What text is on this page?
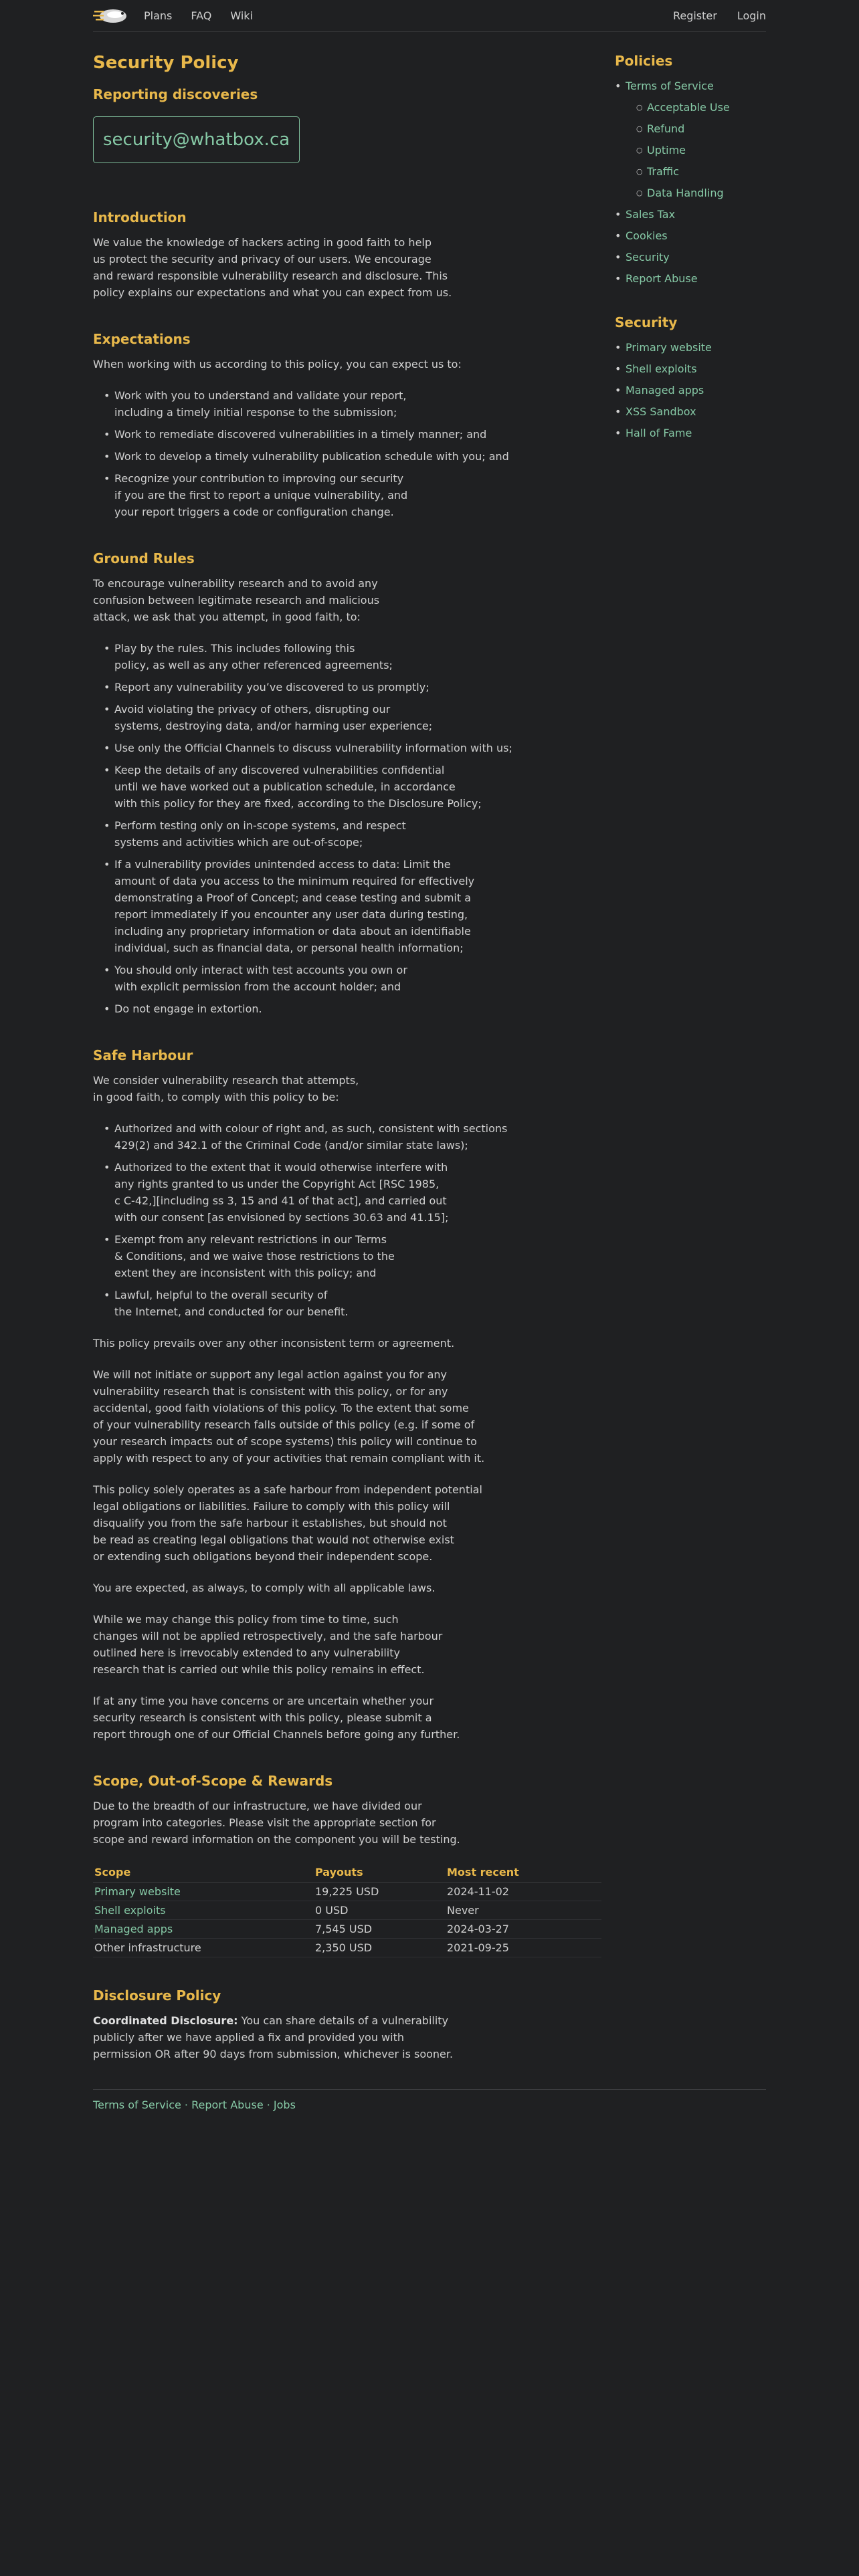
Plans FAQ Wiki	Register Login
Security Policy
Reporting discoveries
security@whatbox.ca
Introduction

We value the knowledge of hackers acting in good faith to help
us protect the security and privacy of our users. We encourage
and reward responsible vulnerability research and disclosure. This
policy explains our expectations and what you can expect from us.

Expectations

When working with us according to this policy, you can expect us to:

• Work with you to understand and validate your report,
including a timely initial response to the submission;
• Work to remediate discovered vulnerabilities in a timely manner; and
• Work to develop a timely vulnerability publication schedule with you; and
• Recognize your contribution to improving our security
if you are the first to report a unique vulnerability, and
your report triggers a code or configuration change.
Ground Rules

To encourage vulnerability research and to avoid any
confusion between legitimate research and malicious
attack, we ask that you attempt, in good faith, to:

• Play by the rules. This includes following this
policy, as well as any other referenced agreements;
• Report any vulnerability you’ve discovered to us promptly;
• Avoid violating the privacy of others, disrupting our
systems, destroying data, and/or harming user experience;
• Use only the Official Channels to discuss vulnerability information with us;
• Keep the details of any discovered vulnerabilities confidential
until we have worked out a publication schedule, in accordance
with this policy for they are fixed, according to the Disclosure Policy;
• Perform testing only on in-scope systems, and respect
systems and activities which are out-of-scope;
• If a vulnerability provides unintended access to data: Limit the
amount of data you access to the minimum required for effectively
demonstrating a Proof of Concept; and cease testing and submit a
report immediately if you encounter any user data during testing,
including any proprietary information or data about an identifiable
individual, such as financial data, or personal health information;
• You should only interact with test accounts you own or
with explicit permission from the account holder; and
• Do not engage in extortion.
Safe Harbour

We consider vulnerability research that attempts,
in good faith, to comply with this policy to be:

• Authorized and with colour of right and, as such, consistent with sections
429(2) and 342.1 of the Criminal Code (and/or similar state laws);
• Authorized to the extent that it would otherwise interfere with
any rights granted to us under the Copyright Act [RSC 1985,
c C-42,][including ss 3, 15 and 41 of that act], and carried out
with our consent [as envisioned by sections 30.63 and 41.15];
• Exempt from any relevant restrictions in our Terms
& Conditions, and we waive those restrictions to the
extent they are inconsistent with this policy; and
• Lawful, helpful to the overall security of
the Internet, and conducted for our benefit.

This policy prevails over any other inconsistent term or agreement.

We will not initiate or support any legal action against you for any
vulnerability research that is consistent with this policy, or for any
accidental, good faith violations of this policy. To the extent that some
of your vulnerability research falls outside of this policy (e.g. if some of
your research impacts out of scope systems) this policy will continue to
apply with respect to any of your activities that remain compliant with it.

This policy solely operates as a safe harbour from independent potential
legal obligations or liabilities. Failure to comply with this policy will
disqualify you from the safe harbour it establishes, but should not
be read as creating legal obligations that would not otherwise exist
or extending such obligations beyond their independent scope.

You are expected, as always, to comply with all applicable laws.

While we may change this policy from time to time, such
changes will not be applied retrospectively, and the safe harbour
outlined here is irrevocably extended to any vulnerability
research that is carried out while this policy remains in effect.

If at any time you have concerns or are uncertain whether your
security research is consistent with this policy, please submit a
report through one of our Official Channels before going any further.

Scope, Out-of-Scope & Rewards

Due to the breadth of our infrastructure, we have divided our
program into categories. Please visit the appropriate section for
scope and reward information on the component you will be testing.

Scope	Payouts	Most recent
Primary website	19,225 USD	2024-11-02
Shell exploits	0 USD	Never
Managed apps	7,545 USD	2024-03-27
Other infrastructure	2,350 USD	2021-09-25
Disclosure Policy

Coordinated Disclosure: You can share details of a vulnerability
publicly after we have applied a fix and provided you with
permission OR after 90 days from submission, whichever is sooner.

Policies
• Terms of Service
○ Acceptable Use
○ Refund
○ Uptime
○ Traffic
○ Data Handling
• Sales Tax
• Cookies
• Security
• Report Abuse
Security
• Primary website
• Shell exploits
• Managed apps
• XSS Sandbox
• Hall of Fame
Terms of Service · Report Abuse · Jobs
